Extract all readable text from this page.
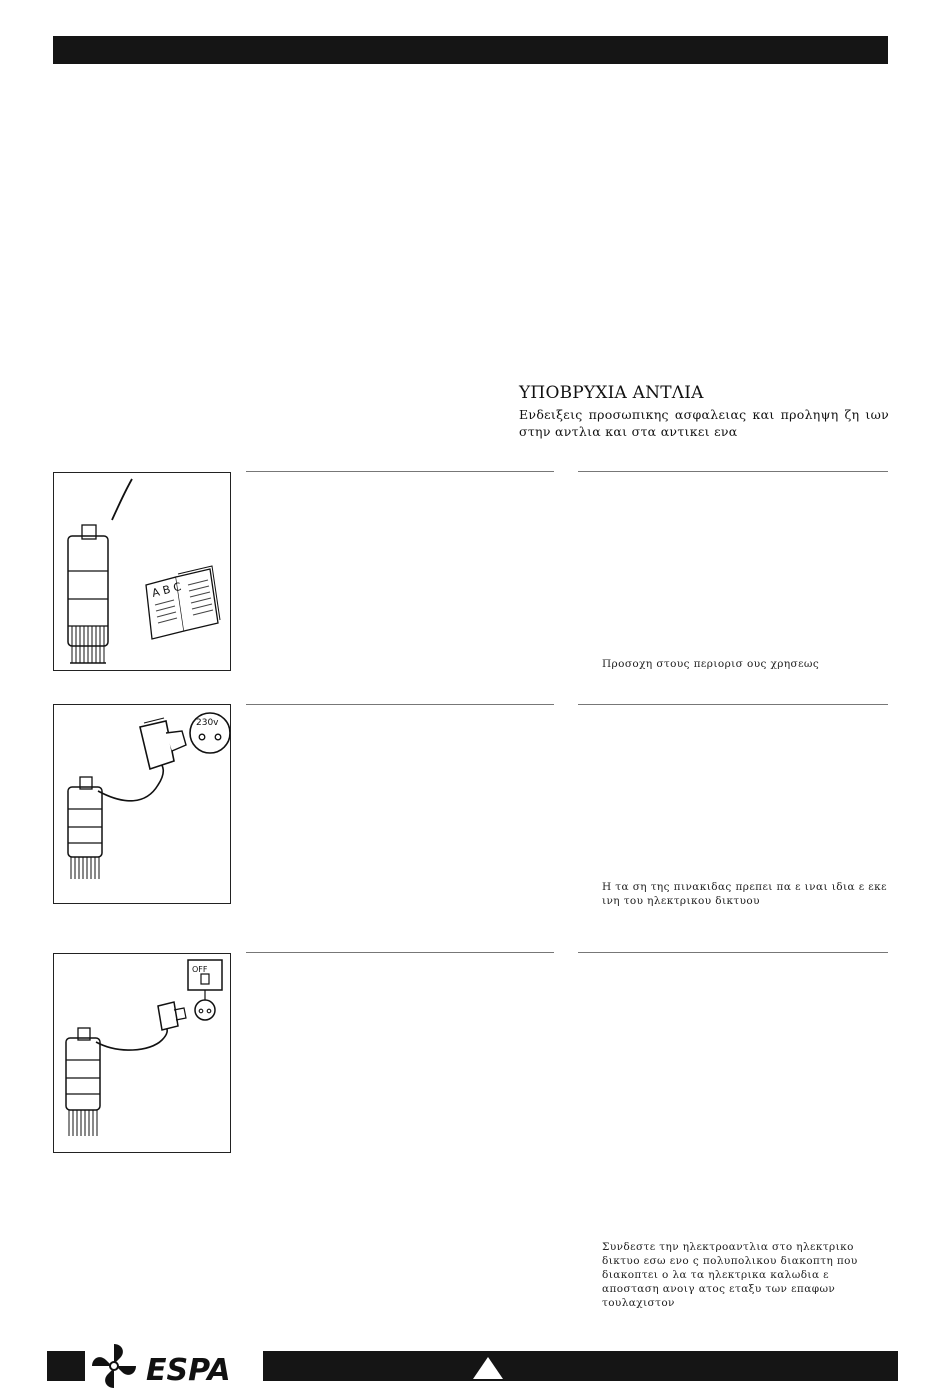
ΥΠΟΒΡΥΧΙΑ ΑΝΤΛΙΑ
Ενδειξεις προσωπικης ασφαλειας και προληψη ζη ιων στην αντλια και στα αντικει ενα
A B C
Προσοχη στους περιορισ ους χρησεως
230v
Η τα ση της πινακιδας πρεπει πα ε ιναι ιδια ε εκε ινη του ηλεκτρικου δικτυου
OFF
Συνδεστε την ηλεκτροαντλια στο ηλεκτρικο δικτυο εσω ενο ς πολυπολικου διακοπτη που διακοπτει ο λα τα ηλεκτρικα καλωδια ε αποσταση ανοιγ ατος εταξυ των επαφων τουλαχιστον
ESPA
